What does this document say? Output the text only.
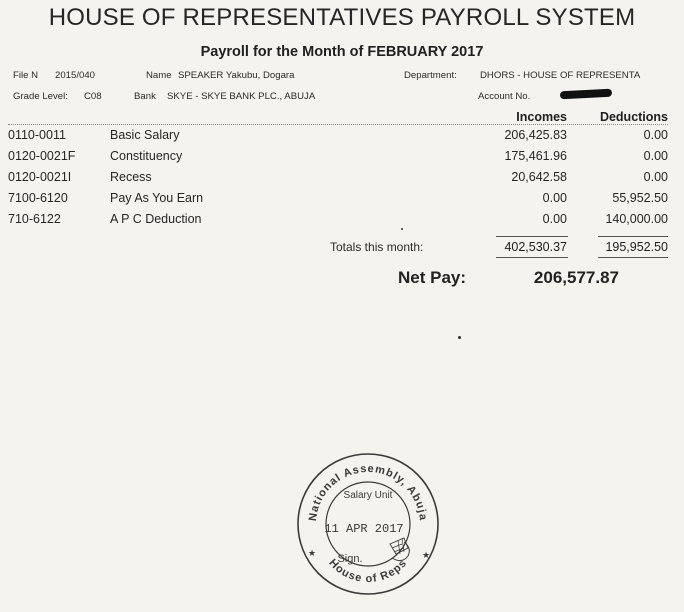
HOUSE OF REPRESENTATIVES PAYROLL SYSTEM
Payroll for the Month of FEBRUARY 2017
File N 2015/040	Name SPEAKER Yakubu, Dogara	Department: DHORS - HOUSE OF REPRESENTA
Grade Level: C08	Bank SKYE - SKYE BANK PLC., ABUJA	Account No.
Incomes	Deductions
0110-0011	Basic Salary	206,425.83	0.00
0120-0021F	Constituency	175,461.96	0.00
0120-0021I	Recess	20,642.58	0.00
7100-6120	Pay As You Earn	0.00	55,952.50
710-6122	A P C Deduction	0.00	140,000.00
Totals this month:	402,530.37	195,952.50
Net Pay:	206,577.87
National Assembly, Abuja
House of Reps
Salary Unit
11 APR 2017
Sign.
★	★
